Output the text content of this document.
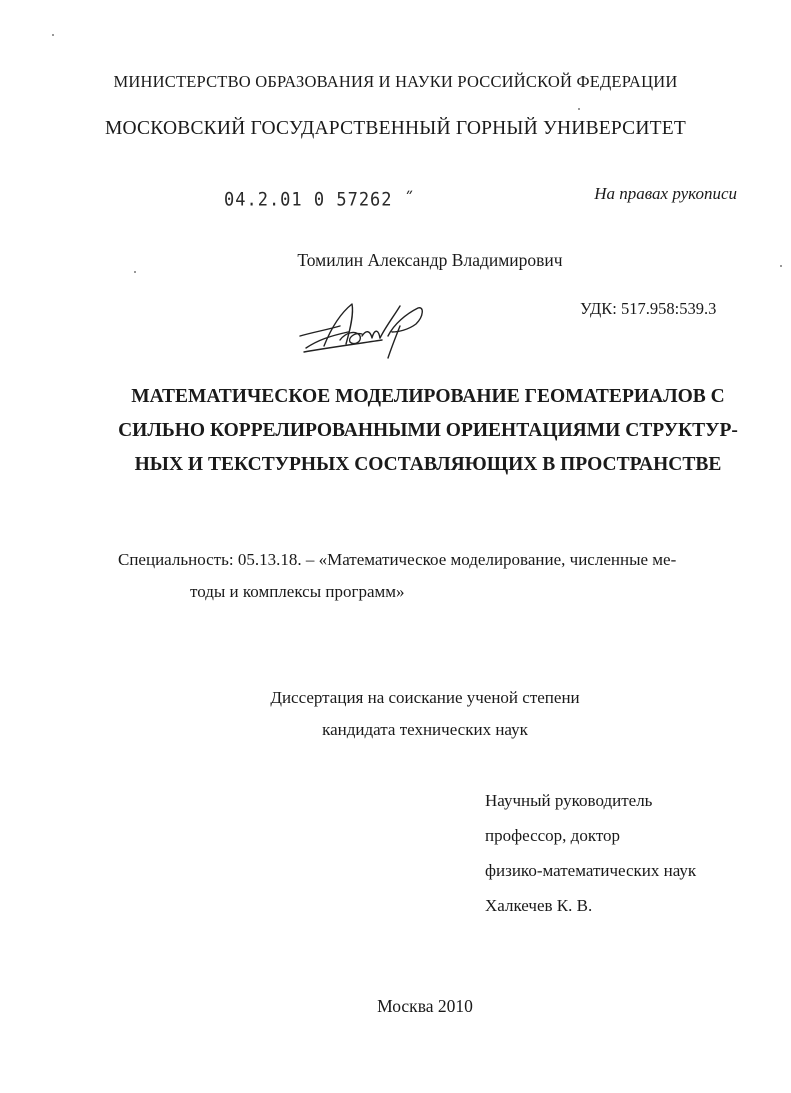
МИНИСТЕРСТВО ОБРАЗОВАНИЯ И НАУКИ РОССИЙСКОЙ ФЕДЕРАЦИИ

МОСКОВСКИЙ ГОСУДАРСТВЕННЫЙ ГОРНЫЙ УНИВЕРСИТЕТ

04.2.01 0 57262 ˝	На правах рукописи

Томилин Александр Владимирович

УДК: 517.958:539.3

МАТЕМАТИЧЕСКОЕ МОДЕЛИРОВАНИЕ ГЕОМАТЕРИАЛОВ С
СИЛЬНО КОРРЕЛИРОВАННЫМИ ОРИЕНТАЦИЯМИ СТРУКТУР-
НЫХ И ТЕКСТУРНЫХ СОСТАВЛЯЮЩИХ В ПРОСТРАНСТВЕ
Специальность: 05.13.18. – «Математическое моделирование, численные ме-
тоды и комплексы программ»
Диссертация на соискание ученой степени
кандидата технических наук
Научный руководитель
профессор, доктор
физико-математических наук
Халкечев К. В.

Москва 2010
